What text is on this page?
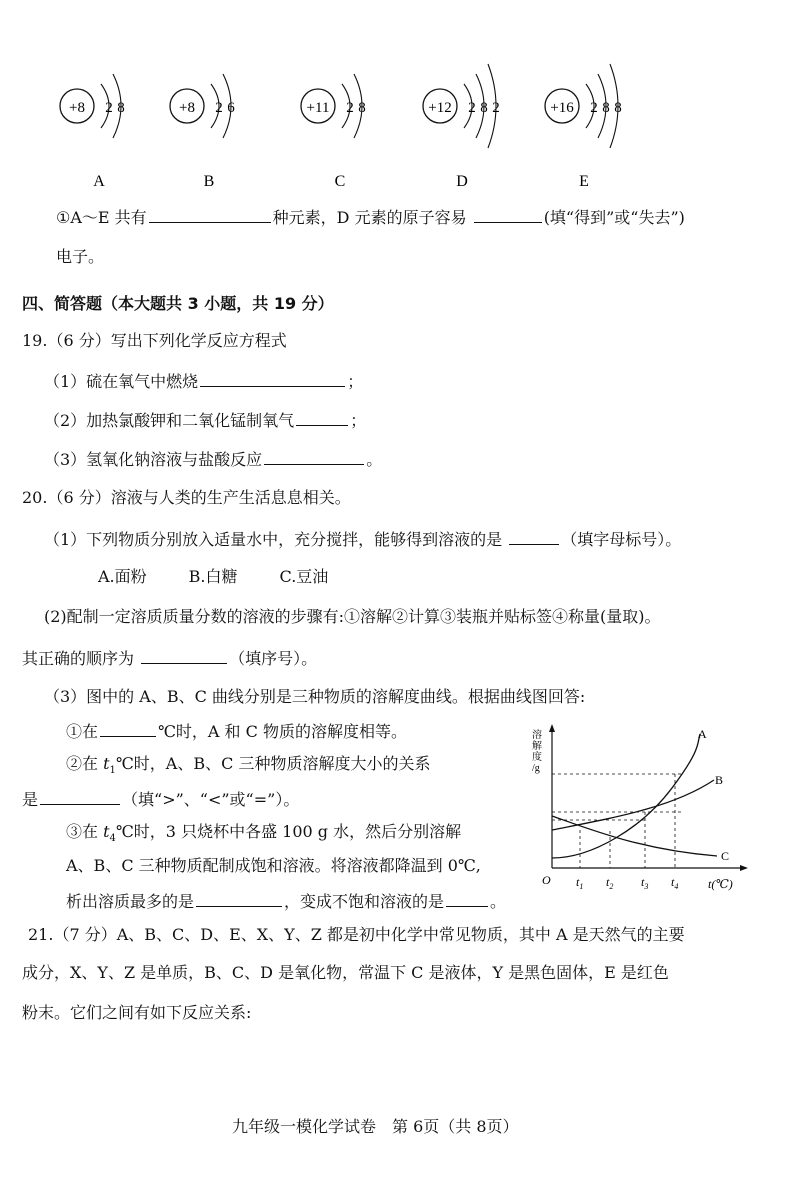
+8 2 8
A
+8 2 6
B
+11 2 8
C
+12 2 8 2
D
+16 2 8 8
E
①A～E 共有	种元素，D 元素的原子容易	(填“得到”或“失去”)
电子。
四、简答题（本大题共 3 小题，共 19 分）
19.（6 分）写出下列化学反应方程式
（1）硫在氧气中燃烧	；
（2）加热氯酸钾和二氧化锰制氧气	；
（3）氢氧化钠溶液与盐酸反应	。
20.（6 分）溶液与人类的生产生活息息相关。
（1）下列物质分别放入适量水中，充分搅拌，能够得到溶液的是	（填字母标号）。
A.面粉	B.白糖	C.豆油
(2)配制一定溶质质量分数的溶液的步骤有:①溶解②计算③装瓶并贴标签④称量(量取)。
其正确的顺序为	（填序号）。
（3）图中的 A、B、C 曲线分别是三种物质的溶解度曲线。根据曲线图回答:
①在	℃时，A 和 C 物质的溶解度相等。
②在 $t_1℃$时，A、B、C 三种物质溶解度大小的关系
是	（填“>”、“<”或“=”）。
③在 $t_4℃$时，3 只烧杯中各盛 100 g 水，然后分别溶解
A、B、C 三种物质配制成饱和溶液。将溶液都降温到 0℃,
析出溶质最多的是	，变成不饱和溶液的是	。
溶解度/g
O	t(℃)
A
B
C
$t_1$ $t_2$ $t_3$ $t_4$
21.（7 分）A、B、C、D、E、X、Y、Z 都是初中化学中常见物质，其中 A 是天然气的主要
成分，X、Y、Z 是单质，B、C、D 是氧化物，常温下 C 是液体，Y 是黑色固体，E 是红色
粉末。它们之间有如下反应关系:
九年级一模化学试卷　第 6页（共 8页）
